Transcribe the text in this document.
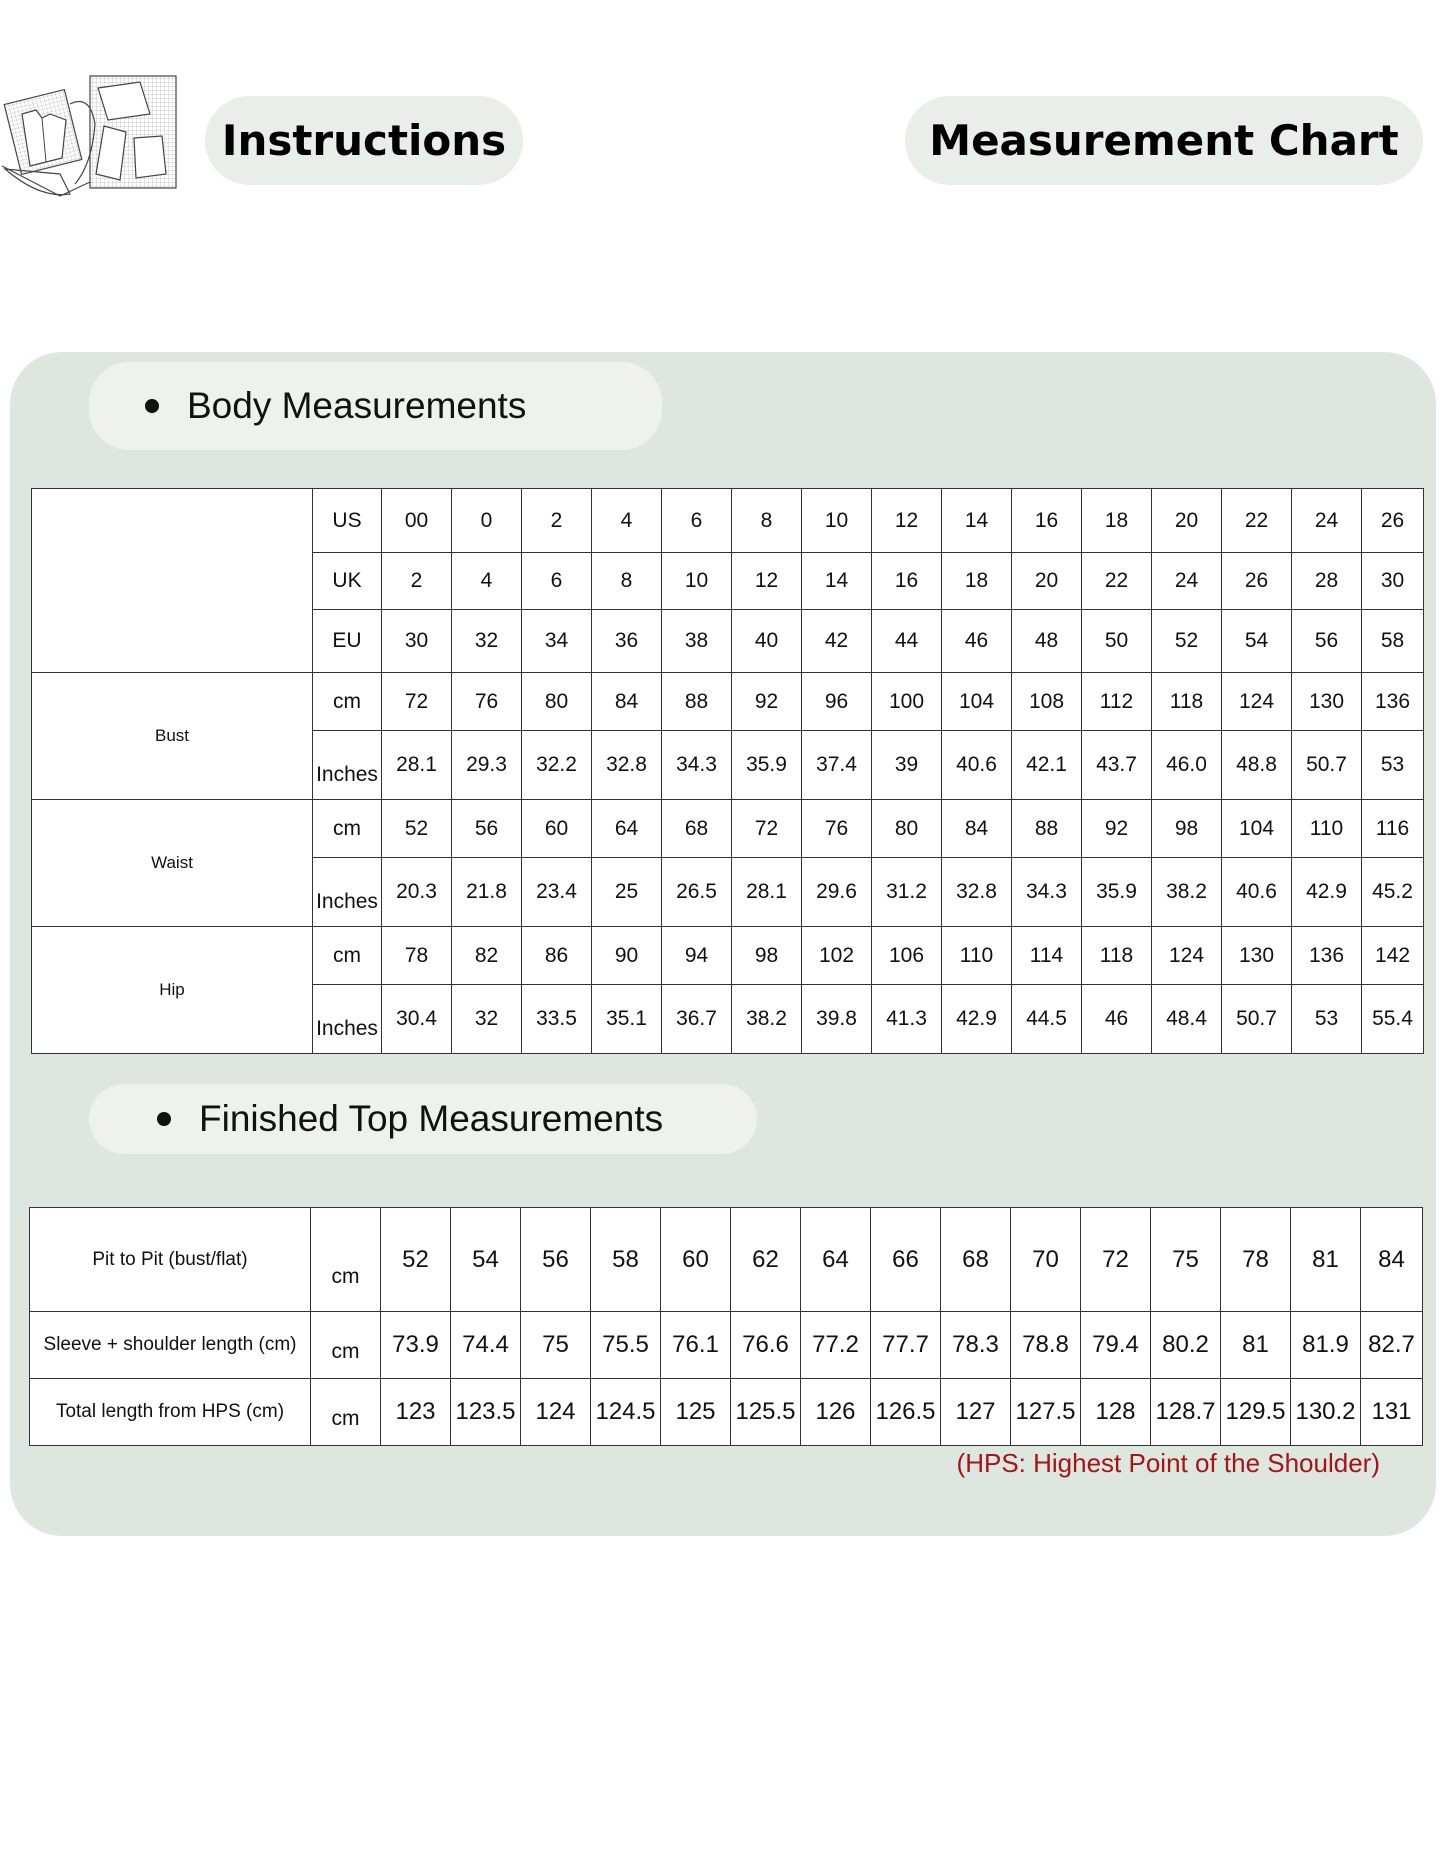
Instructions	Measurement Chart
Body Measurements
	US	00	0	2	4	6	8	10	12	14	16	18	20	22	24	26
	UK	2	4	6	8	10	12	14	16	18	20	22	24	26	28	30
	EU	30	32	34	36	38	40	42	44	46	48	50	52	54	56	58
Bust	cm	72	76	80	84	88	92	96	100	104	108	112	118	124	130	136
	Inches	28.1	29.3	32.2	32.8	34.3	35.9	37.4	39	40.6	42.1	43.7	46.0	48.8	50.7	53
Waist	cm	52	56	60	64	68	72	76	80	84	88	92	98	104	110	116
	Inches	20.3	21.8	23.4	25	26.5	28.1	29.6	31.2	32.8	34.3	35.9	38.2	40.6	42.9	45.2
Hip	cm	78	82	86	90	94	98	102	106	110	114	118	124	130	136	142
	Inches	30.4	32	33.5	35.1	36.7	38.2	39.8	41.3	42.9	44.5	46	48.4	50.7	53	55.4
Finished Top Measurements
Pit to Pit (bust/flat)	cm	52	54	56	58	60	62	64	66	68	70	72	75	78	81	84
Sleeve + shoulder length (cm)	cm	73.9	74.4	75	75.5	76.1	76.6	77.2	77.7	78.3	78.8	79.4	80.2	81	81.9	82.7
Total length from HPS (cm)	cm	123	123.5	124	124.5	125	125.5	126	126.5	127	127.5	128	128.7	129.5	130.2	131
(HPS: Highest Point of the Shoulder)
